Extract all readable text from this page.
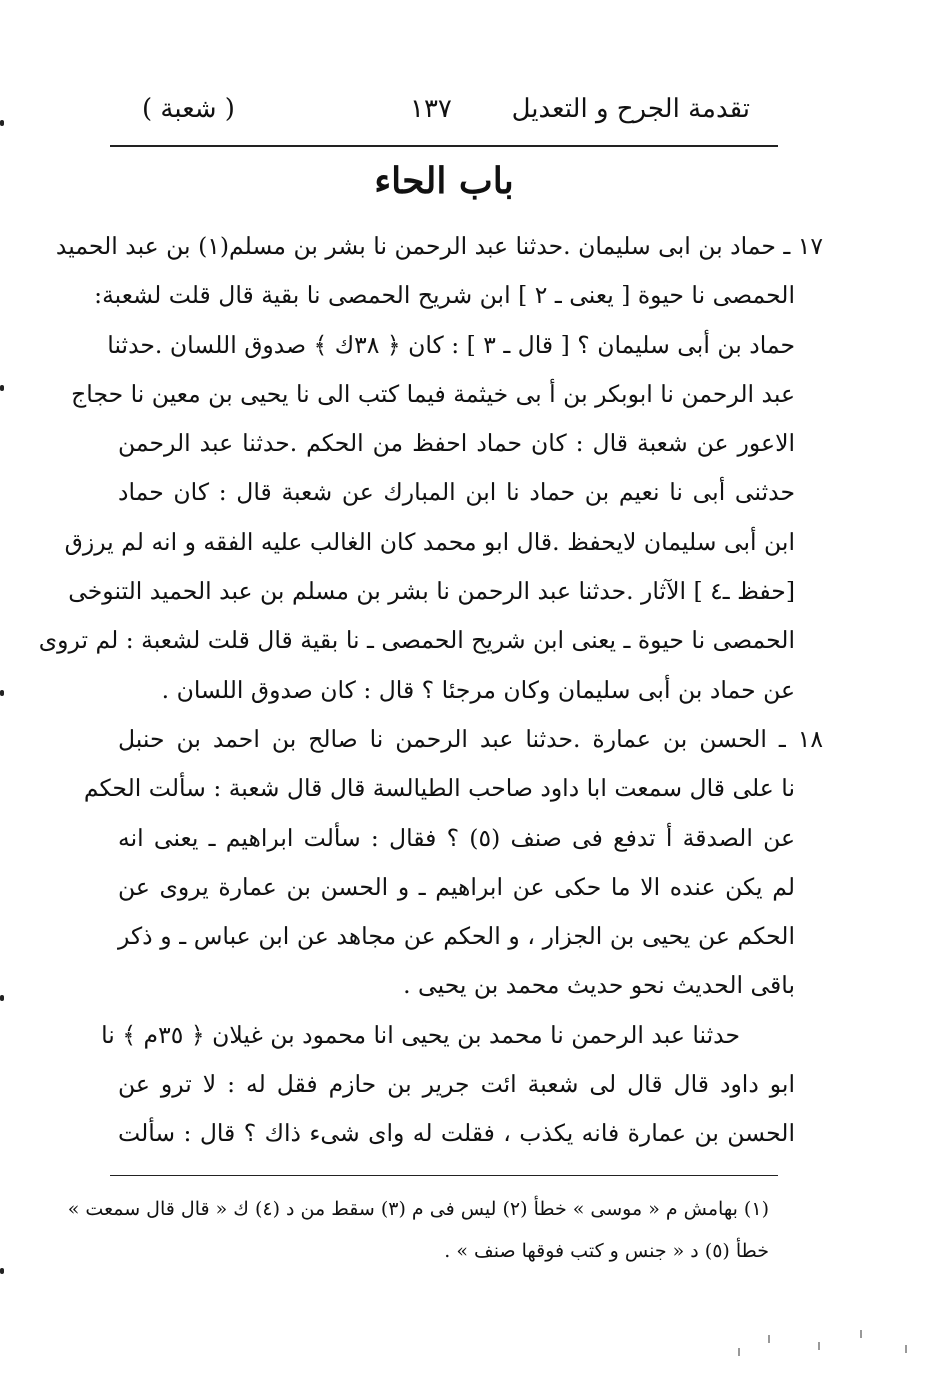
تقدمة الجرح و التعديل
١٣٧
( شعبة )
باب الحاء
١٧ ـ حماد بن ابى سليمان .حدثنا عبد الرحمن نا بشر بن مسلم(١) بن عبد الحميد
الحمصى نا حيوة [ يعنى ـ ٢ ] ابن شريح الحمصى نا بقية قال قلت لشعبة:
حماد بن أبى سليمان ؟ [ قال ـ ٣ ] : كان ﴿ ٣٨ك ﴾ صدوق اللسان .حدثنا
عبد الرحمن نا ابوبكر بن أ بى خيثمة فيما كتب الى نا يحيى بن معين نا حجاج
الاعور عن شعبة قال : كان حماد احفظ من الحكم .حدثنا عبد الرحمن
حدثنى أبى نا نعيم بن حماد نا ابن المبارك عن شعبة قال : كان حماد
ابن أبى سليمان لايحفظ .قال ابو محمد كان الغالب عليه الفقه و انه لم يرزق
[حفظ ـ٤ ] الآثار .حدثنا عبد الرحمن نا بشر بن مسلم بن عبد الحميد التنوخى
الحمصى نا حيوة ـ يعنى ابن شريح الحمصى ـ نا بقية قال قلت لشعبة : لم تروى
عن حماد بن أبى سليمان وكان مرجئا ؟ قال : كان صدوق اللسان .
١٨ ـ الحسن بن عمارة .حدثنا عبد الرحمن نا صالح بن احمد بن حنبل
نا على قال سمعت ابا داود صاحب الطيالسة قال قال شعبة : سألت الحكم
عن الصدقة أ تدفع فى صنف (٥) ؟ فقال : سألت ابراهيم ـ يعنى انه
لم يكن عنده الا ما حكى عن ابراهيم ـ و الحسن بن عمارة يروى عن
الحكم عن يحيى بن الجزار ، و الحكم عن مجاهد عن ابن عباس ـ و ذكر
باقى الحديث نحو حديث محمد بن يحيى .
حدثنا عبد الرحمن نا محمد بن يحيى انا محمود بن غيلان ﴿ ٣٥م ﴾ نا
ابو داود قال قال لى شعبة ائت جرير بن حازم فقل له : لا ترو عن
الحسن بن عمارة فانه يكذب ، فقلت له واى شىء ذاك ؟ قال : سألت
(١) بهامش م « موسى » خطأ (٢) ليس فى م (٣) سقط من د (٤) ك « قال قال سمعت »
خطأ (٥) د « جنس و كتب فوقها صنف » .
